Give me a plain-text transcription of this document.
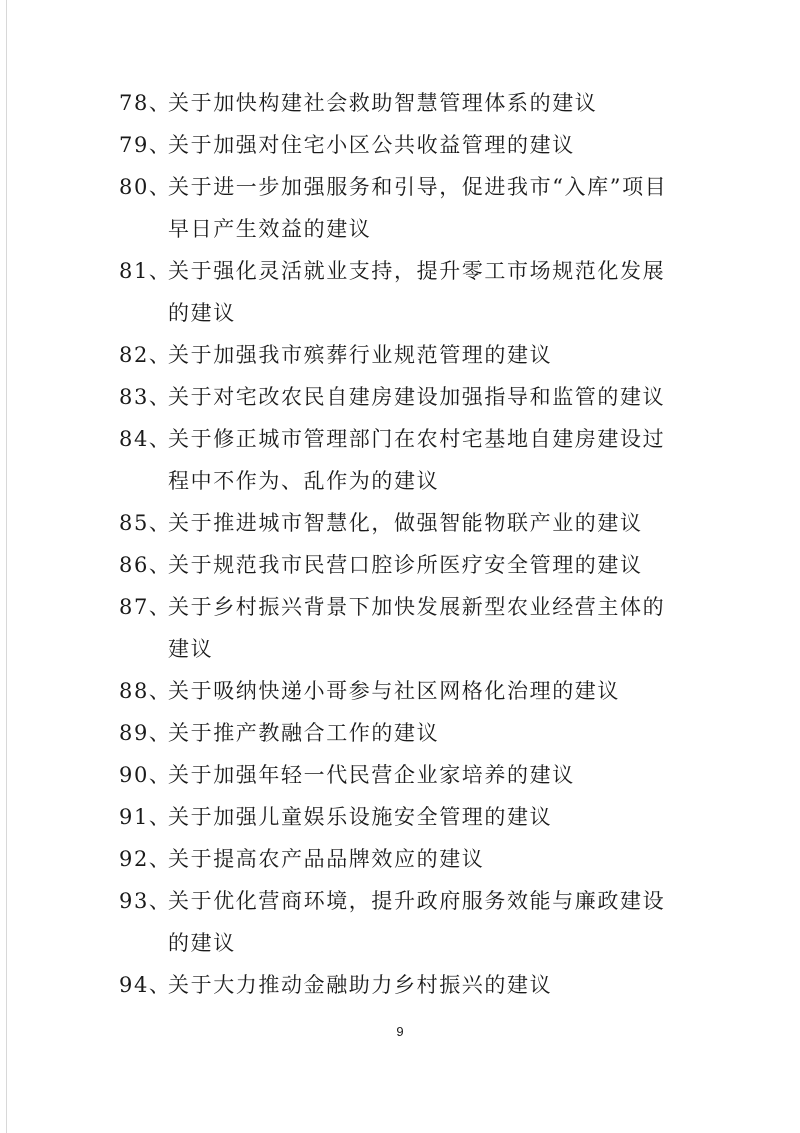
78、
关于加快构建社会救助智慧管理体系的建议
79、
关于加强对住宅小区公共收益管理的建议
80、
关于进一步加强服务和引导，促进我市“入库”项目早日产生效益的建议
81、
关于强化灵活就业支持，提升零工市场规范化发展的建议
82、
关于加强我市殡葬行业规范管理的建议
83、
关于对宅改农民自建房建设加强指导和监管的建议
84、
关于修正城市管理部门在农村宅基地自建房建设过程中不作为、乱作为的建议
85、
关于推进城市智慧化，做强智能物联产业的建议
86、
关于规范我市民营口腔诊所医疗安全管理的建议
87、
关于乡村振兴背景下加快发展新型农业经营主体的建议
88、
关于吸纳快递小哥参与社区网格化治理的建议
89、
关于推产教融合工作的建议
90、
关于加强年轻一代民营企业家培养的建议
91、
关于加强儿童娱乐设施安全管理的建议
92、
关于提高农产品品牌效应的建议
93、
关于优化营商环境，提升政府服务效能与廉政建设的建议
94、
关于大力推动金融助力乡村振兴的建议
9
